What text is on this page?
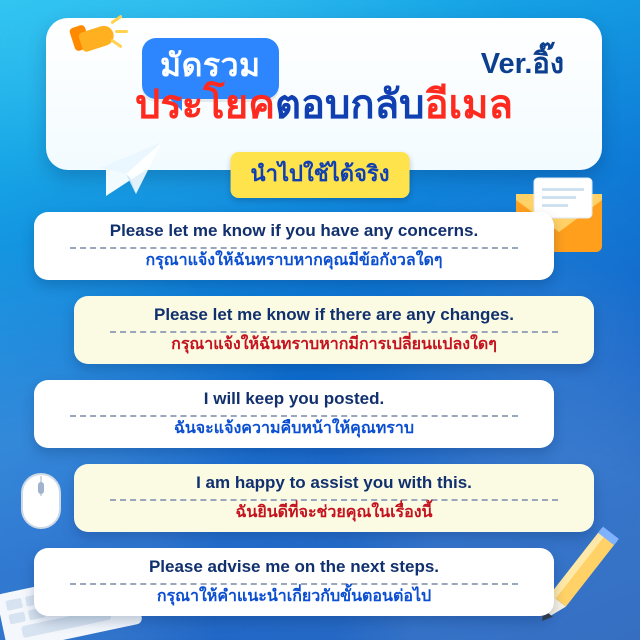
Ver.อิ๊ง
มัดรวม
ประโยคตอบกลับอีเมล
นำไปใช้ได้จริง
Please let me know if you have any concerns.
กรุณาแจ้งให้ฉันทราบหากคุณมีข้อกังวลใดๆ
Please let me know if there are any changes.
กรุณาแจ้งให้ฉันทราบหากมีการเปลี่ยนแปลงใดๆ
I will keep you posted.
ฉันจะแจ้งความคืบหน้าให้คุณทราบ
I am happy to assist you with this.
ฉันยินดีที่จะช่วยคุณในเรื่องนี้
Please advise me on the next steps.
กรุณาให้คำแนะนำเกี่ยวกับขั้นตอนต่อไป
